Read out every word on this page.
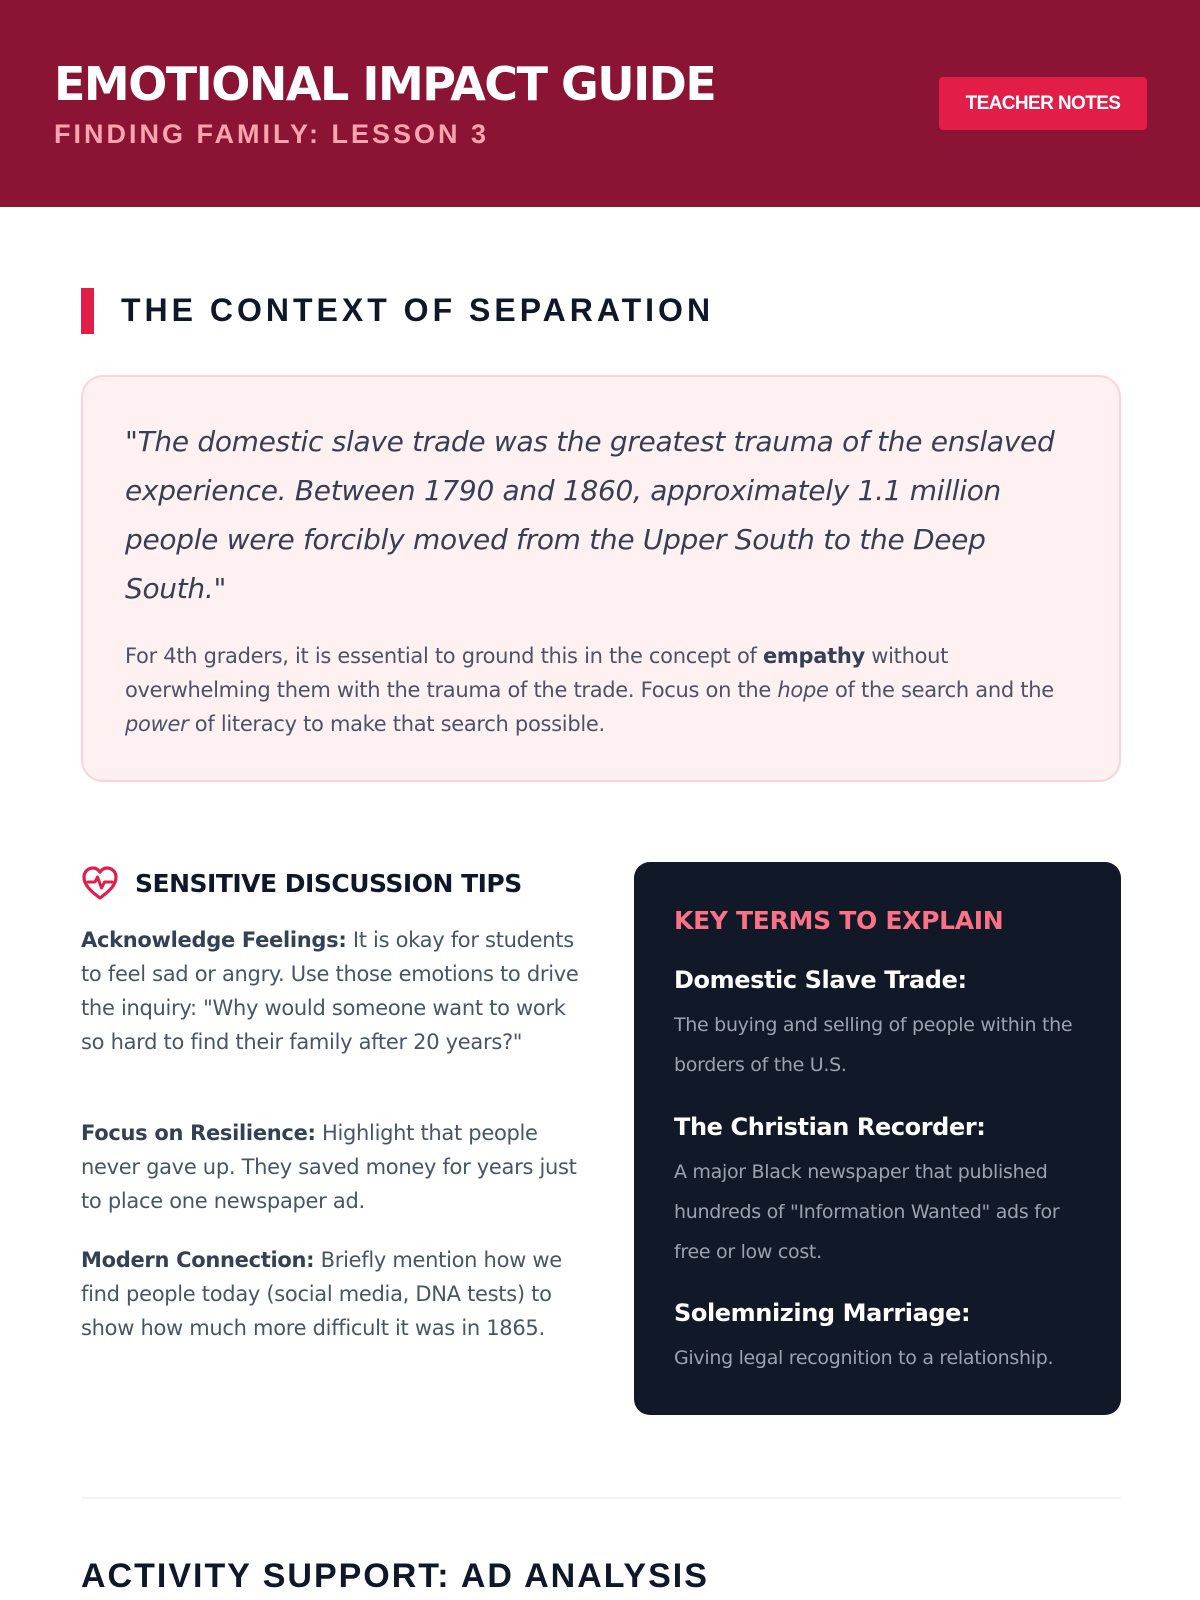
EMOTIONAL IMPACT GUIDE
FINDING FAMILY: LESSON 3
TEACHER NOTES
THE CONTEXT OF SEPARATION

"The domestic slave trade was the greatest trauma of the enslaved experience. Between 1790 and 1860, approximately 1.1 million people were forcibly moved from the Upper South to the Deep South."

For 4th graders, it is essential to ground this in the concept of empathy without overwhelming them with the trauma of the trade. Focus on the hope of the search and the power of literacy to make that search possible.

SENSITIVE DISCUSSION TIPS

Acknowledge Feelings: It is okay for students to feel sad or angry. Use those emotions to drive the inquiry: "Why would someone want to work so hard to find their family after 20 years?"

Focus on Resilience: Highlight that people never gave up. They saved money for years just to place one newspaper ad.

Modern Connection: Briefly mention how we find people today (social media, DNA tests) to show how much more difficult it was in 1865.

KEY TERMS TO EXPLAIN
Domestic Slave Trade:
The buying and selling of people within the borders of the U.S.
The Christian Recorder:
A major Black newspaper that published hundreds of "Information Wanted" ads for free or low cost.
Solemnizing Marriage:
Giving legal recognition to a relationship.
ACTIVITY SUPPORT: AD ANALYSIS
